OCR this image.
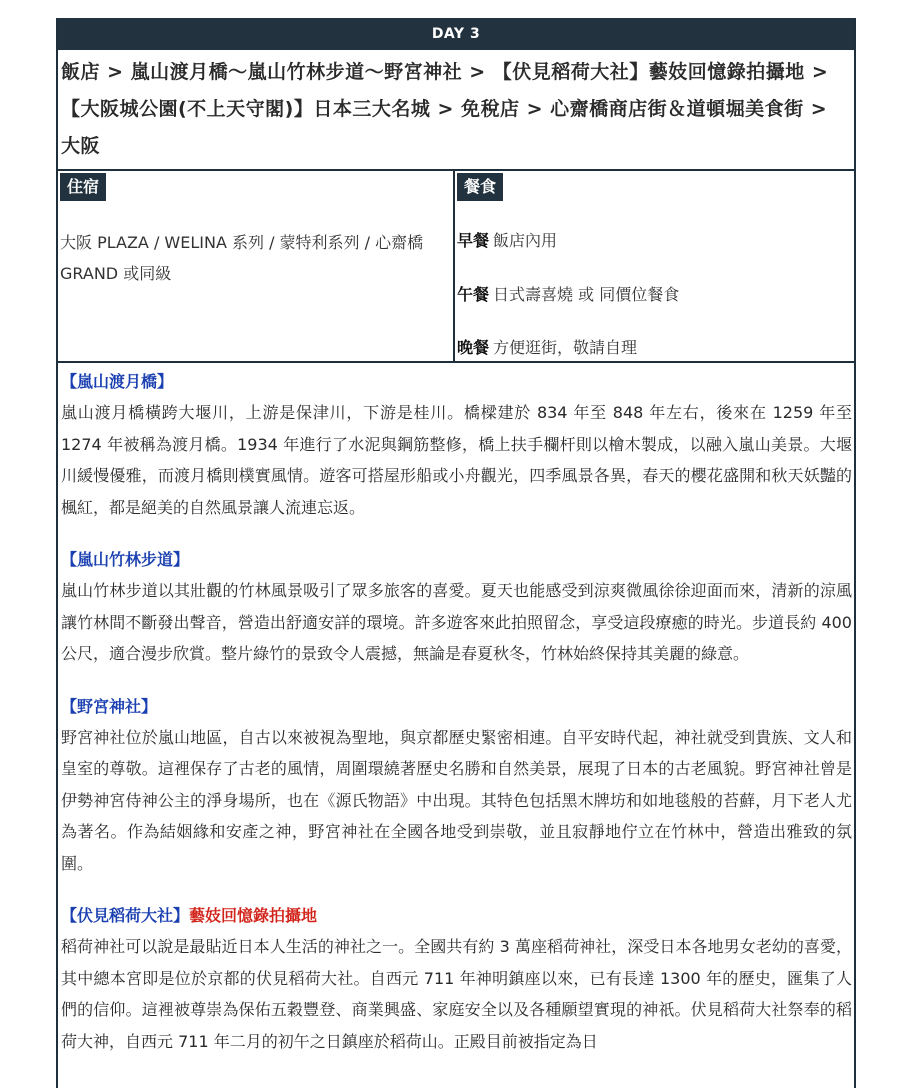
DAY 3
飯店 > 嵐山渡月橋～嵐山竹林步道～野宮神社 > 【伏見稻荷大社】藝妓回憶錄拍攝地 > 【大阪城公園(不上天守閣)】日本三大名城 > 免稅店 > 心齋橋商店街＆道頓堀美食街 > 大阪
住宿
大阪 PLAZA / WELINA 系列 / 蒙特利系列 / 心齋橋 GRAND 或同級
餐食
早餐 飯店內用
午餐 日式壽喜燒 或 同價位餐食
晚餐 方便逛街，敬請自理
【嵐山渡月橋】
嵐山渡月橋橫跨大堰川，上游是保津川，下游是桂川。橋樑建於 834 年至 848 年左右，後來在 1259 年至 1274 年被稱為渡月橋。1934 年進行了水泥與鋼筋整修，橋上扶手欄杆則以檜木製成，以融入嵐山美景。大堰川緩慢優雅，而渡月橋則樸實風情。遊客可搭屋形船或小舟觀光，四季風景各異，春天的櫻花盛開和秋天妖豔的楓紅，都是絕美的自然風景讓人流連忘返。
【嵐山竹林步道】
嵐山竹林步道以其壯觀的竹林風景吸引了眾多旅客的喜愛。夏天也能感受到涼爽微風徐徐迎面而來，清新的涼風讓竹林間不斷發出聲音，營造出舒適安詳的環境。許多遊客來此拍照留念，享受這段療癒的時光。步道長約 400 公尺，適合漫步欣賞。整片綠竹的景致令人震撼，無論是春夏秋冬，竹林始終保持其美麗的綠意。
【野宮神社】
野宮神社位於嵐山地區，自古以來被視為聖地，與京都歷史緊密相連。自平安時代起，神社就受到貴族、文人和皇室的尊敬。這裡保存了古老的風情，周圍環繞著歷史名勝和自然美景，展現了日本的古老風貌。野宮神社曾是伊勢神宮侍神公主的淨身場所，也在《源氏物語》中出現。其特色包括黑木牌坊和如地毯般的苔蘚，月下老人尤為著名。作為結姻緣和安產之神，野宮神社在全國各地受到崇敬，並且寂靜地佇立在竹林中，營造出雅致的氛圍。
【伏見稻荷大社】藝妓回憶錄拍攝地
稻荷神社可以說是最貼近日本人生活的神社之一。全國共有約 3 萬座稻荷神社，深受日本各地男女老幼的喜愛，其中總本宮即是位於京都的伏見稻荷大社。自西元 711 年神明鎮座以來，已有長達 1300 年的歷史，匯集了人們的信仰。這裡被尊崇為保佑五穀豐登、商業興盛、家庭安全以及各種願望實現的神祇。伏見稻荷大社祭奉的稻荷大神，自西元 711 年二月的初午之日鎮座於稻荷山。正殿目前被指定為日
